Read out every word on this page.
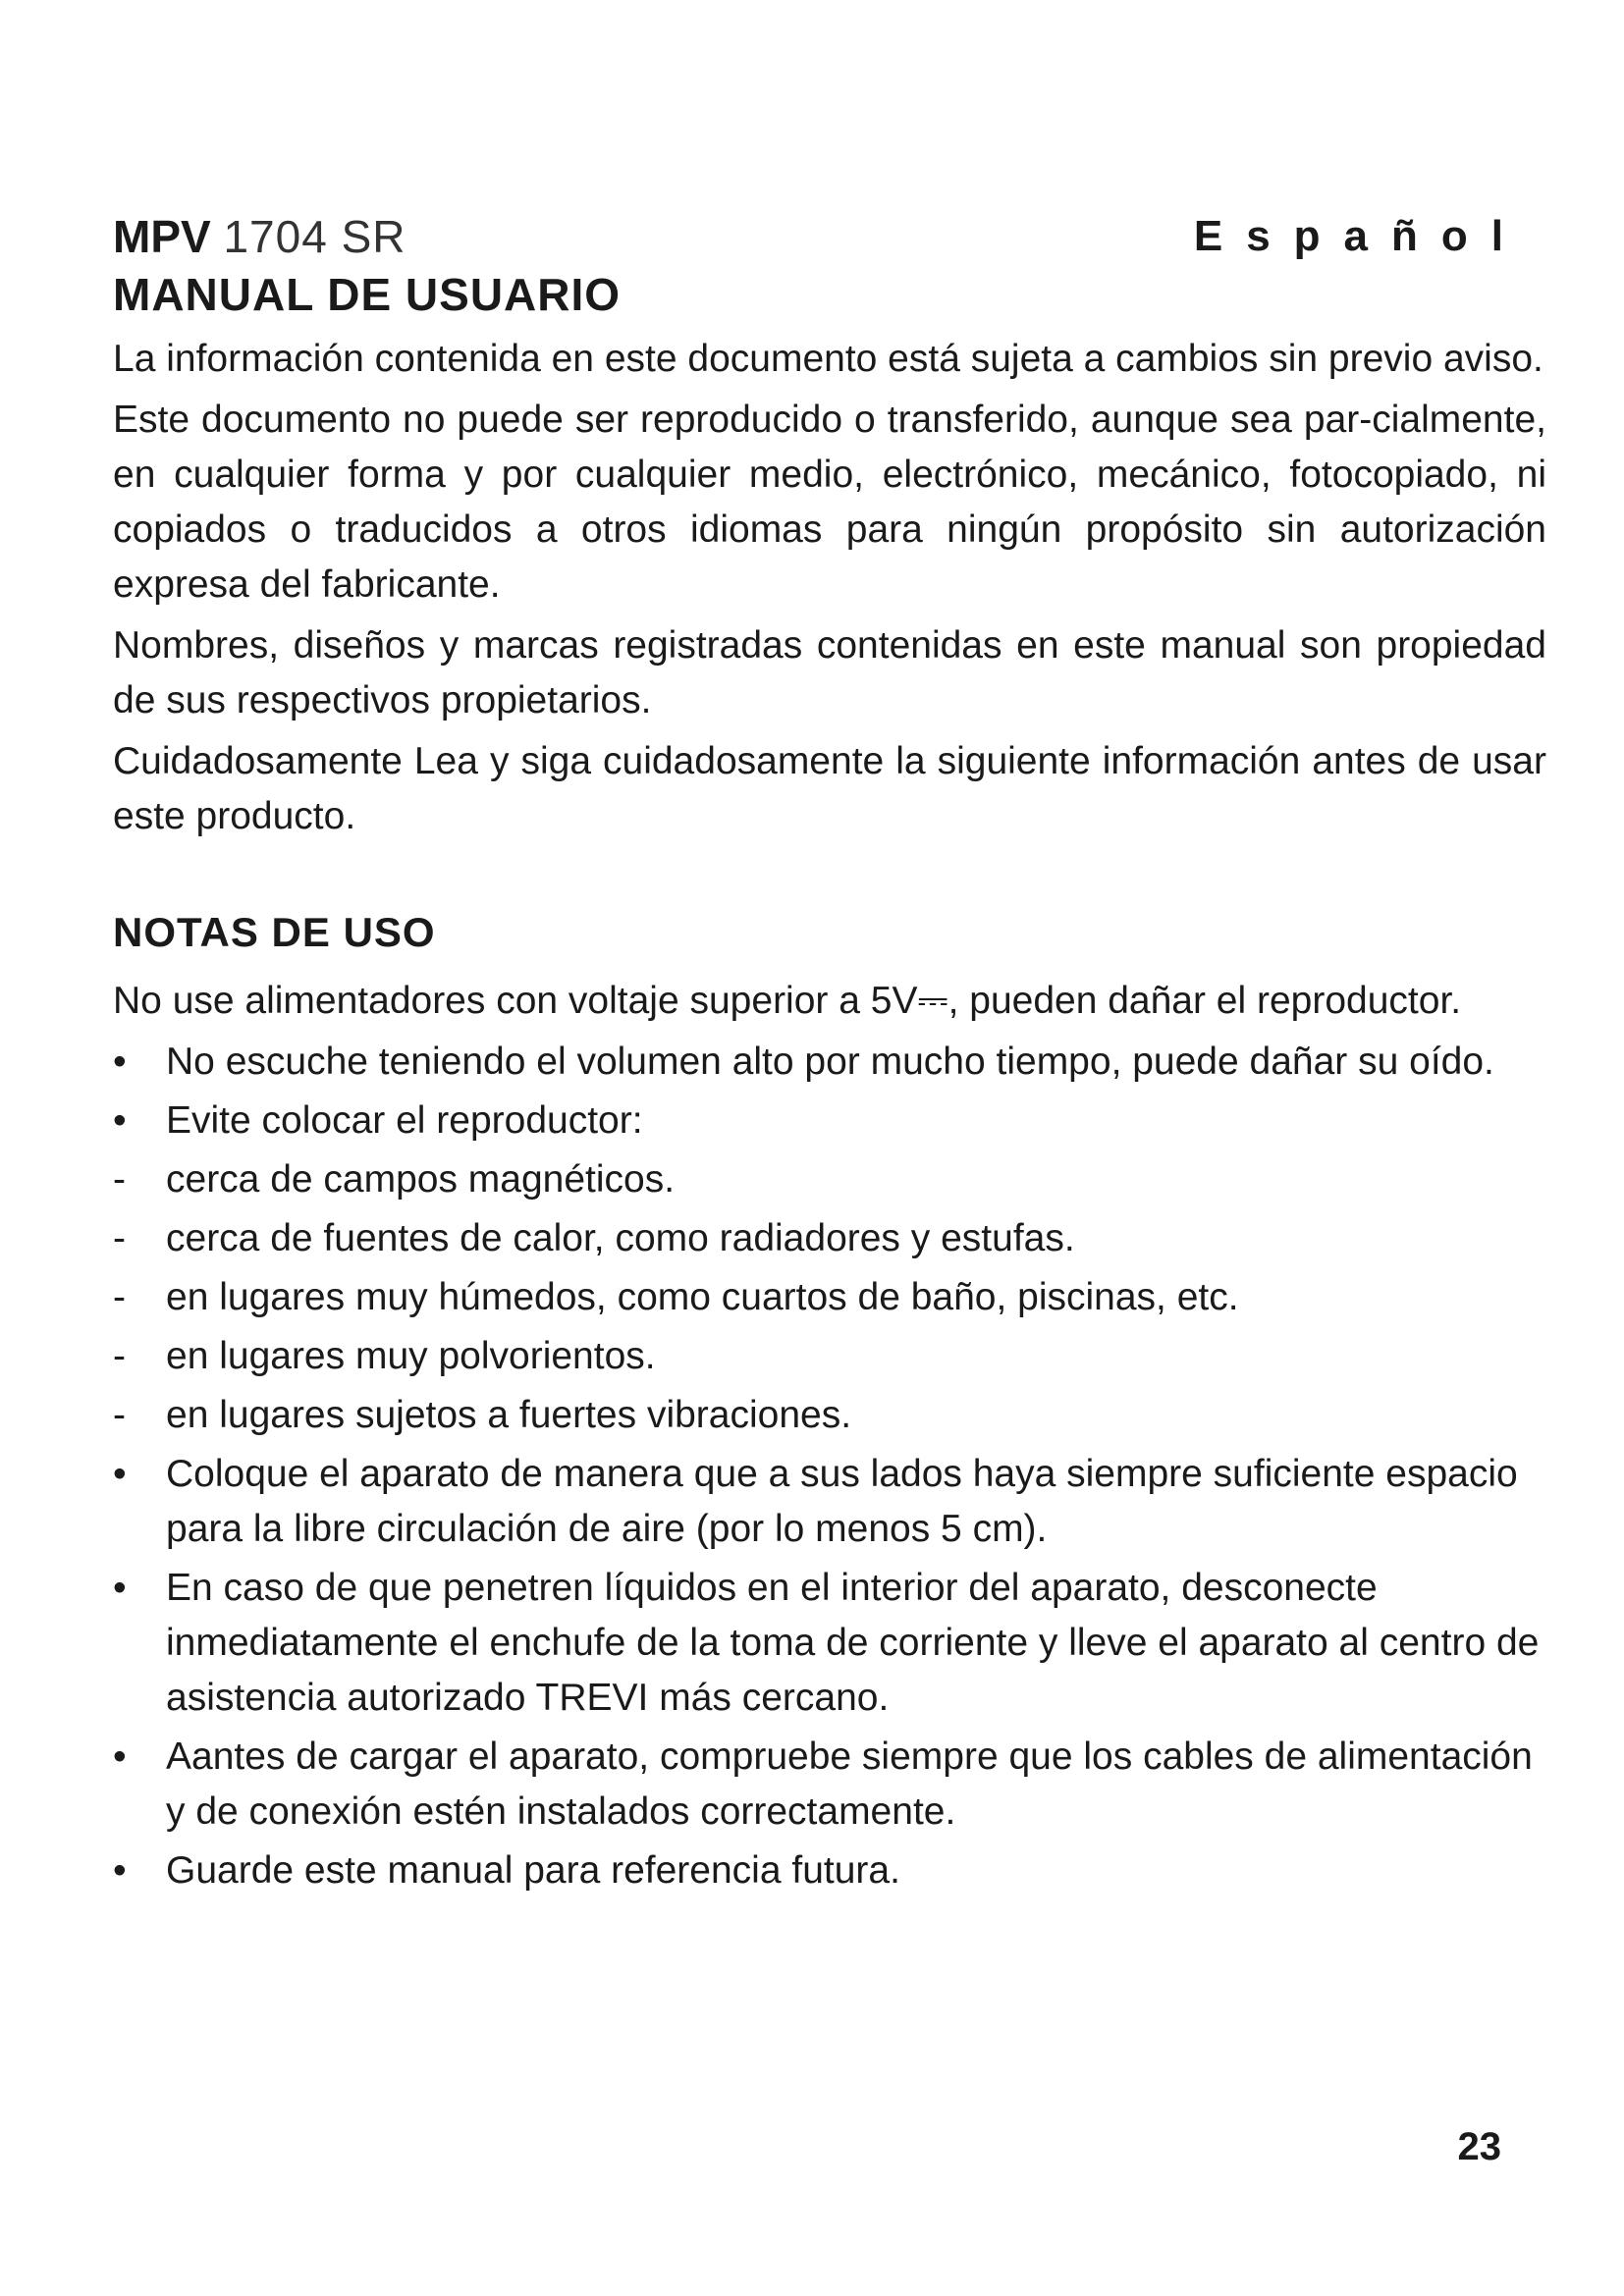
MPV 1704 SR	Español
MANUAL DE USUARIO

La información contenida en este documento está sujeta a cambios sin previo aviso.

Este documento no puede ser reproducido o transferido, aunque sea par-cialmente, en cualquier forma y por cualquier medio, electrónico, mecánico, fotocopiado, ni copiados o traducidos a otros idiomas para ningún propósito sin autorización expresa del fabricante.

Nombres, diseños y marcas registradas contenidas en este manual son propiedad de sus respectivos propietarios.

Cuidadosamente Lea y siga cuidadosamente la siguiente información antes de usar este producto.

NOTAS DE USO

No use alimentadores con voltaje superior a 5V⎓, pueden dañar el reproductor.

•	No escuche teniendo el volumen alto por mucho tiempo, puede dañar su oído.
•	Evite colocar el reproductor:
-	cerca de campos magnéticos.
-	cerca de fuentes de calor, como radiadores y estufas.
-	en lugares muy húmedos, como cuartos de baño, piscinas, etc.
-	en lugares muy polvorientos.
-	en lugares sujetos a fuertes vibraciones.
•	Coloque el aparato de manera que a sus lados haya siempre suficiente espacio para la libre circulación de aire (por lo menos 5 cm).
•	En caso de que penetren líquidos en el interior del aparato, desconecte inmediatamente el enchufe de la toma de corriente y lleve el aparato al centro de asistencia autorizado TREVI más cercano.
•	Aantes de cargar el aparato, compruebe siempre que los cables de alimentación y de conexión estén instalados correctamente.
•	Guarde este manual para referencia futura.
23
